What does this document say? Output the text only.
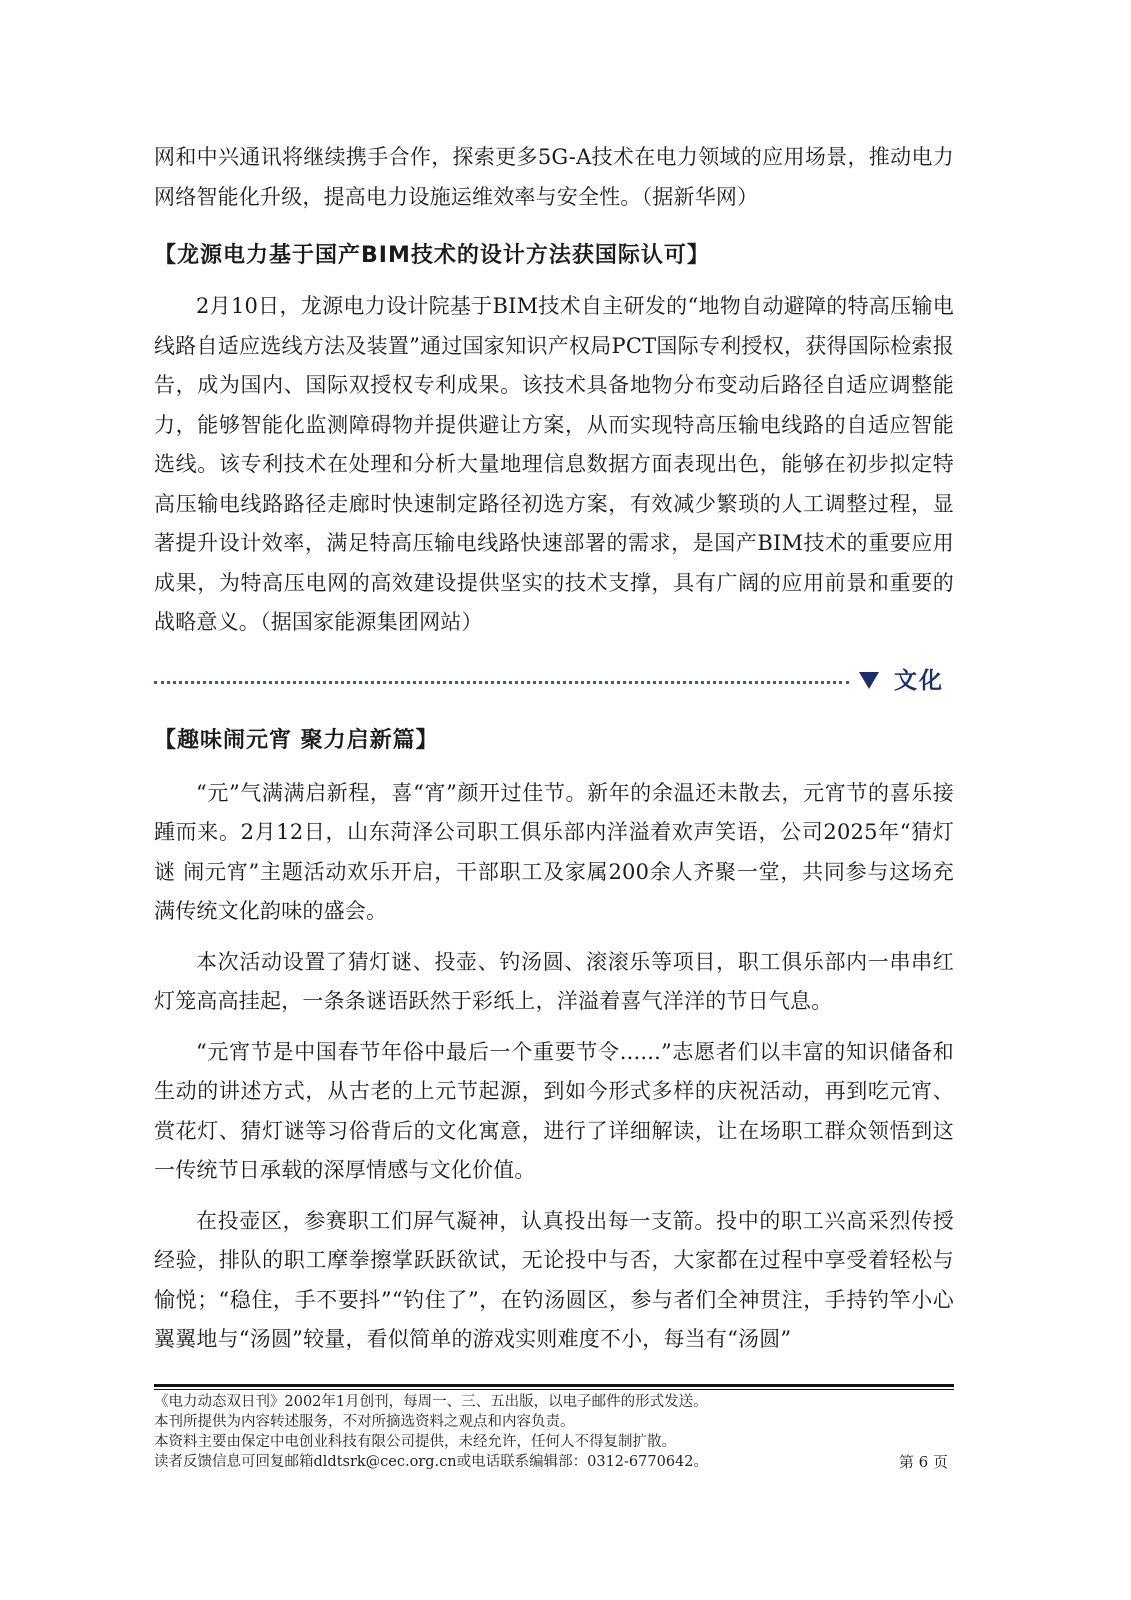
网和中兴通讯将继续携手合作，探索更多5G-A技术在电力领域的应用场景，推动电力网络智能化升级，提高电力设施运维效率与安全性。（据新华网）

【龙源电力基于国产BIM技术的设计方法获国际认可】

2月10日，龙源电力设计院基于BIM技术自主研发的“地物自动避障的特高压输电线路自适应选线方法及装置”通过国家知识产权局PCT国际专利授权，获得国际检索报告，成为国内、国际双授权专利成果。该技术具备地物分布变动后路径自适应调整能力，能够智能化监测障碍物并提供避让方案，从而实现特高压输电线路的自适应智能选线。该专利技术在处理和分析大量地理信息数据方面表现出色，能够在初步拟定特高压输电线路路径走廊时快速制定路径初选方案，有效减少繁琐的人工调整过程，显著提升设计效率，满足特高压输电线路快速部署的需求，是国产BIM技术的重要应用成果，为特高压电网的高效建设提供坚实的技术支撑，具有广阔的应用前景和重要的战略意义。（据国家能源集团网站）

文化
【趣味闹元宵 聚力启新篇】

“元”气满满启新程，喜“宵”颜开过佳节。新年的余温还未散去，元宵节的喜乐接踵而来。2月12日，山东菏泽公司职工俱乐部内洋溢着欢声笑语，公司2025年“猜灯谜 闹元宵”主题活动欢乐开启，干部职工及家属200余人齐聚一堂，共同参与这场充满传统文化韵味的盛会。

本次活动设置了猜灯谜、投壶、钓汤圆、滚滚乐等项目，职工俱乐部内一串串红灯笼高高挂起，一条条谜语跃然于彩纸上，洋溢着喜气洋洋的节日气息。

“元宵节是中国春节年俗中最后一个重要节令......”志愿者们以丰富的知识储备和生动的讲述方式，从古老的上元节起源，到如今形式多样的庆祝活动，再到吃元宵、赏花灯、猜灯谜等习俗背后的文化寓意，进行了详细解读，让在场职工群众领悟到这一传统节日承载的深厚情感与文化价值。

在投壶区，参赛职工们屏气凝神，认真投出每一支箭。投中的职工兴高采烈传授经验，排队的职工摩拳擦掌跃跃欲试，无论投中与否，大家都在过程中享受着轻松与愉悦；“稳住，手不要抖”“钓住了”，在钓汤圆区，参与者们全神贯注，手持钓竿小心翼翼地与“汤圆”较量，看似简单的游戏实则难度不小，每当有“汤圆”

《电力动态双日刊》2002年1月创刊，每周一、三、五出版，以电子邮件的形式发送。
本刊所提供为内容转述服务，不对所摘选资料之观点和内容负责。
本资料主要由保定中电创业科技有限公司提供，未经允许，任何人不得复制扩散。
读者反馈信息可回复邮箱dldtsrk@cec.org.cn或电话联系编辑部：0312-6770642。	第 6 页
